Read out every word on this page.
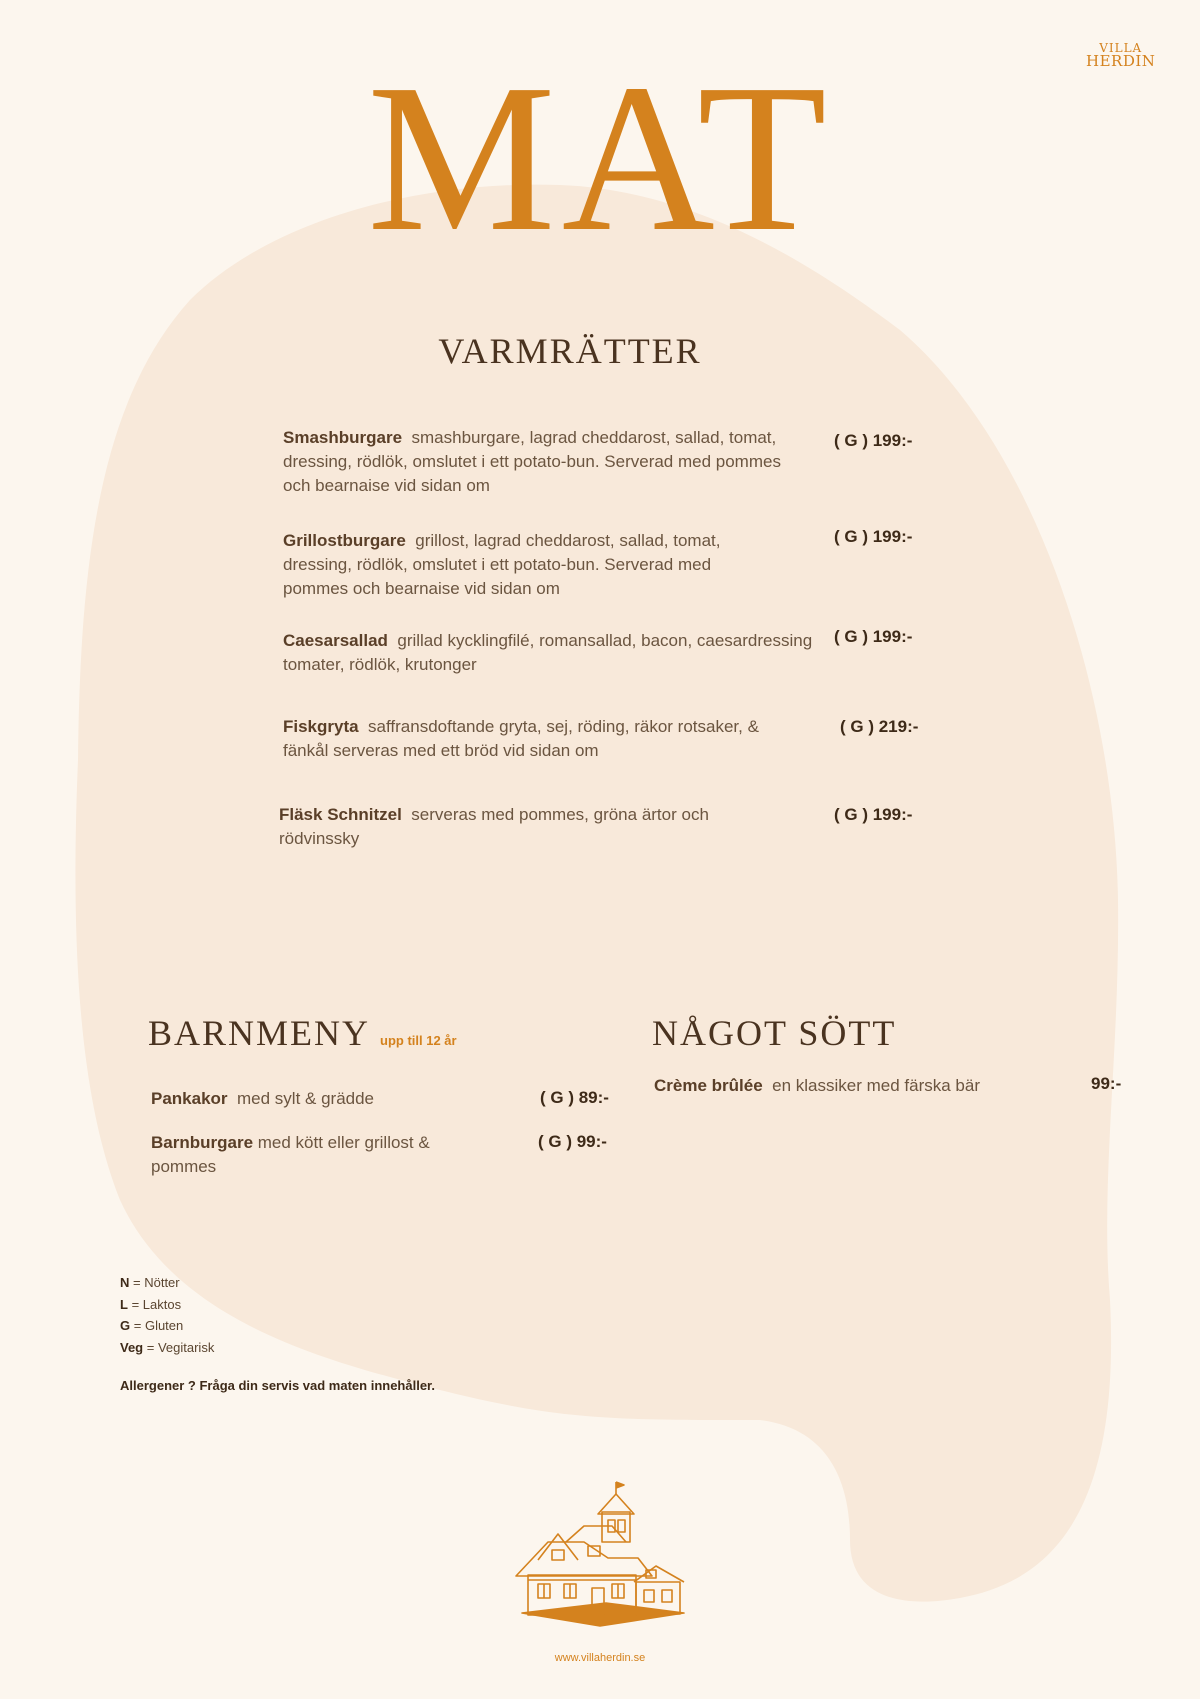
VILLA
HERDIN
MAT
VARMRÄTTER
Smashburgare smashburgare, lagrad cheddarost, sallad, tomat,
dressing, rödlök, omslutet i ett potato-bun. Serverad med pommes
och bearnaise vid sidan om
( G ) 199:-
Grillostburgare grillost, lagrad cheddarost, sallad, tomat,
dressing, rödlök, omslutet i ett potato-bun. Serverad med
pommes och bearnaise vid sidan om
( G ) 199:-
Caesarsallad grillad kycklingfilé, romansallad, bacon, caesardressing
tomater, rödlök, krutonger
( G ) 199:-
Fiskgryta saffransdoftande gryta, sej, röding, räkor rotsaker, &
fänkål serveras med ett bröd vid sidan om
( G ) 219:-
Fläsk Schnitzel serveras med pommes, gröna ärtor och
rödvinssky
( G ) 199:-
BARNMENY upp till 12 år
Pankakor med sylt & grädde	( G ) 89:-
Barnburgare med kött eller grillost &
pommes
( G ) 99:-
NÅGOT SÖTT
Crème brûlée en klassiker med färska bär	99:-
N = Nötter
L = Laktos
G = Gluten
Veg = Vegitarisk
Allergener ? Fråga din servis vad maten innehåller.
www.villaherdin.se
